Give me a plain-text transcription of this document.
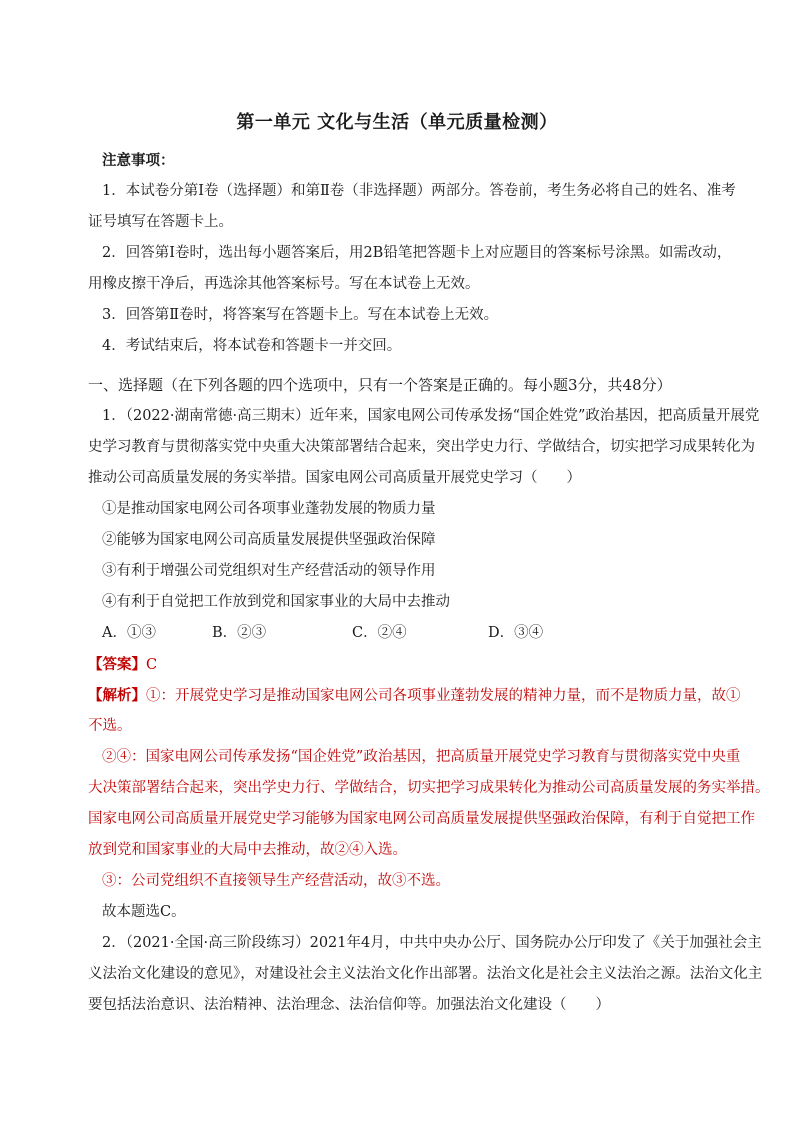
第一单元 文化与生活（单元质量检测）
注意事项：
1．本试卷分第Ⅰ卷（选择题）和第Ⅱ卷（非选择题）两部分。答卷前，考生务必将自己的姓名、准考
证号填写在答题卡上。
2．回答第Ⅰ卷时，选出每小题答案后，用2B铅笔把答题卡上对应题目的答案标号涂黑。如需改动，
用橡皮擦干净后，再选涂其他答案标号。写在本试卷上无效。
3．回答第Ⅱ卷时，将答案写在答题卡上。写在本试卷上无效。
4．考试结束后，将本试卷和答题卡一并交回。
一、选择题（在下列各题的四个选项中，只有一个答案是正确的。每小题3分，共48分）
1．（2022·湖南常德·高三期末）近年来，国家电网公司传承发扬“国企姓党”政治基因，把高质量开展党
史学习教育与贯彻落实党中央重大决策部署结合起来，突出学史力行、学做结合，切实把学习成果转化为
推动公司高质量发展的务实举措。国家电网公司高质量开展党史学习（　　）
①是推动国家电网公司各项事业蓬勃发展的物质力量
②能够为国家电网公司高质量发展提供坚强政治保障
③有利于增强公司党组织对生产经营活动的领导作用
④有利于自觉把工作放到党和国家事业的大局中去推动
A．①③	B．②③	C．②④	D．③④
【答案】C
【解析】①：开展党史学习是推动国家电网公司各项事业蓬勃发展的精神力量，而不是物质力量，故①
不选。
②④：国家电网公司传承发扬“国企姓党”政治基因，把高质量开展党史学习教育与贯彻落实党中央重
大决策部署结合起来，突出学史力行、学做结合，切实把学习成果转化为推动公司高质量发展的务实举措。
国家电网公司高质量开展党史学习能够为国家电网公司高质量发展提供坚强政治保障，有利于自觉把工作
放到党和国家事业的大局中去推动，故②④入选。
③：公司党组织不直接领导生产经营活动，故③不选。
故本题选C。
2．（2021·全国·高三阶段练习）2021年4月，中共中央办公厅、国务院办公厅印发了《关于加强社会主
义法治文化建设的意见》，对建设社会主义法治文化作出部署。法治文化是社会主义法治之源。法治文化主
要包括法治意识、法治精神、法治理念、法治信仰等。加强法治文化建设（　　）
